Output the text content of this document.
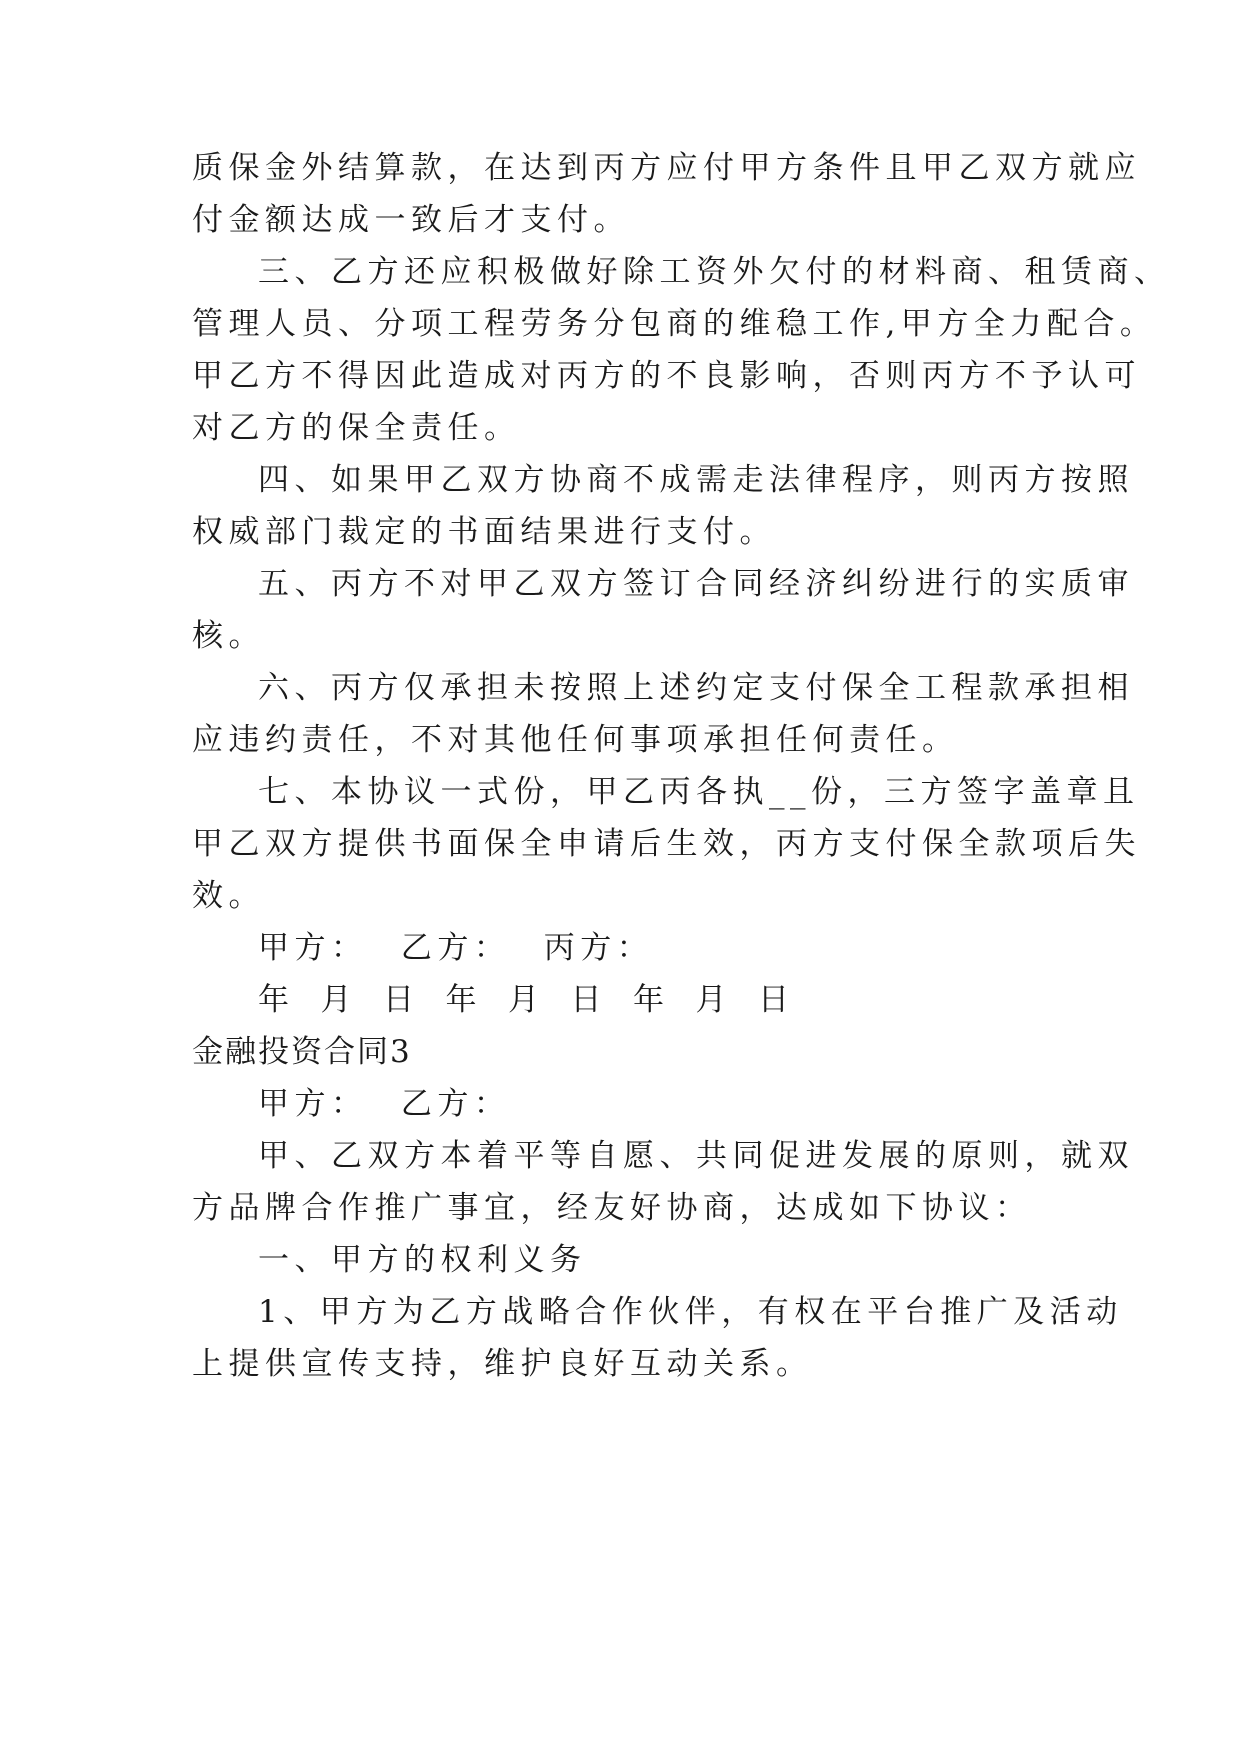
质保金外结算款，在达到丙方应付甲方条件且甲乙双方就应

付金额达成一致后才支付。

三、乙方还应积极做好除工资外欠付的材料商、租赁商、

管理人员、分项工程劳务分包商的维稳工作,甲方全力配合。

甲乙方不得因此造成对丙方的不良影响，否则丙方不予认可

对乙方的保全责任。

四、如果甲乙双方协商不成需走法律程序，则丙方按照

权威部门裁定的书面结果进行支付。

五、丙方不对甲乙双方签订合同经济纠纷进行的实质审

核。

六、丙方仅承担未按照上述约定支付保全工程款承担相

应违约责任，不对其他任何事项承担任何责任。

七、本协议一式份，甲乙丙各执__份，三方签字盖章且

甲乙双方提供书面保全申请后生效，丙方支付保全款项后失

效。

甲方： 乙方： 丙方：

年 月 日 年 月 日 年 月 日

金融投资合同3

甲方： 乙方：

甲、乙双方本着平等自愿、共同促进发展的原则，就双

方品牌合作推广事宜，经友好协商，达成如下协议：

一、甲方的权利义务

1、甲方为乙方战略合作伙伴，有权在平台推广及活动

上提供宣传支持，维护良好互动关系。
